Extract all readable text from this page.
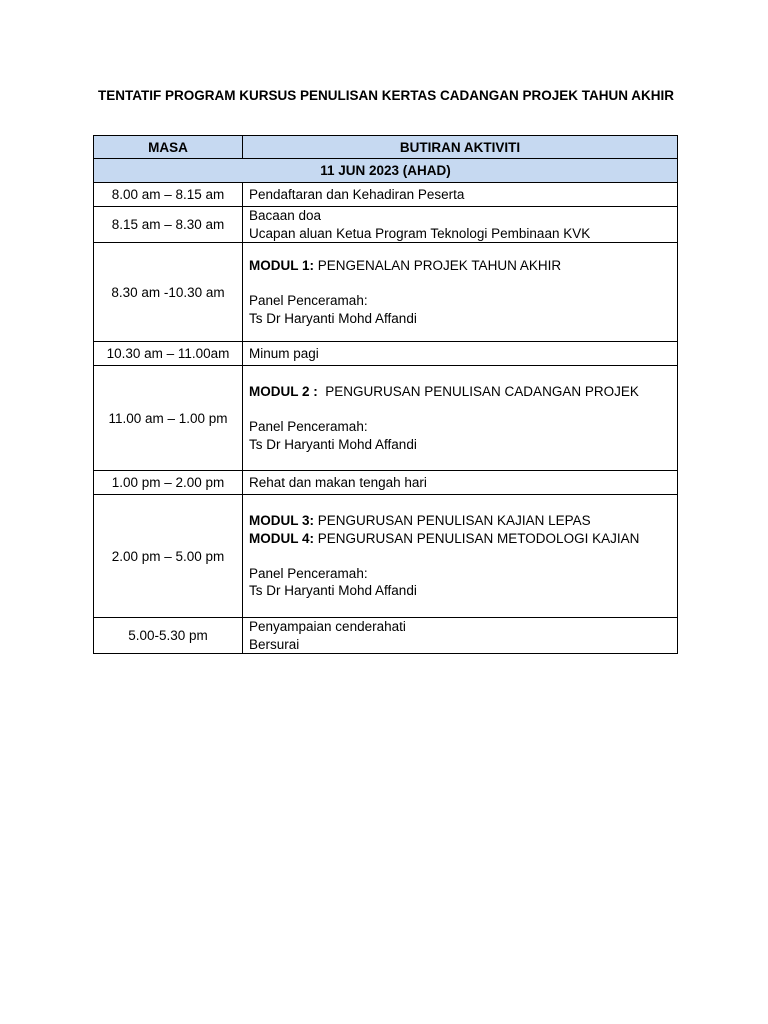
TENTATIF PROGRAM KURSUS PENULISAN KERTAS CADANGAN PROJEK TAHUN AKHIR
MASA	BUTIRAN AKTIVITI
11 JUN 2023 (AHAD)	
8.00 am – 8.15 am	Pendaftaran dan Kehadiran Peserta

8.15 am – 8.30 am	Bacaan doa
Ucapan aluan Ketua Program Teknologi Pembinaan KVK

8.30 am -10.30 am	MODUL 1: PENGENALAN PROJEK TAHUN AKHIR
Panel Penceramah:
Ts Dr Haryanti Mohd Affandi

10.30 am – 11.00am	Minum pagi

11.00 am – 1.00 pm	MODUL 2 :  PENGURUSAN PENULISAN CADANGAN PROJEK
Panel Penceramah:
Ts Dr Haryanti Mohd Affandi

1.00 pm – 2.00 pm	Rehat dan makan tengah hari

2.00 pm – 5.00 pm	MODUL 3: PENGURUSAN PENULISAN KAJIAN LEPAS
MODUL 4: PENGURUSAN PENULISAN METODOLOGI KAJIAN
Panel Penceramah:
Ts Dr Haryanti Mohd Affandi

5.00-5.30 pm	Penyampaian cenderahati
Bersurai
